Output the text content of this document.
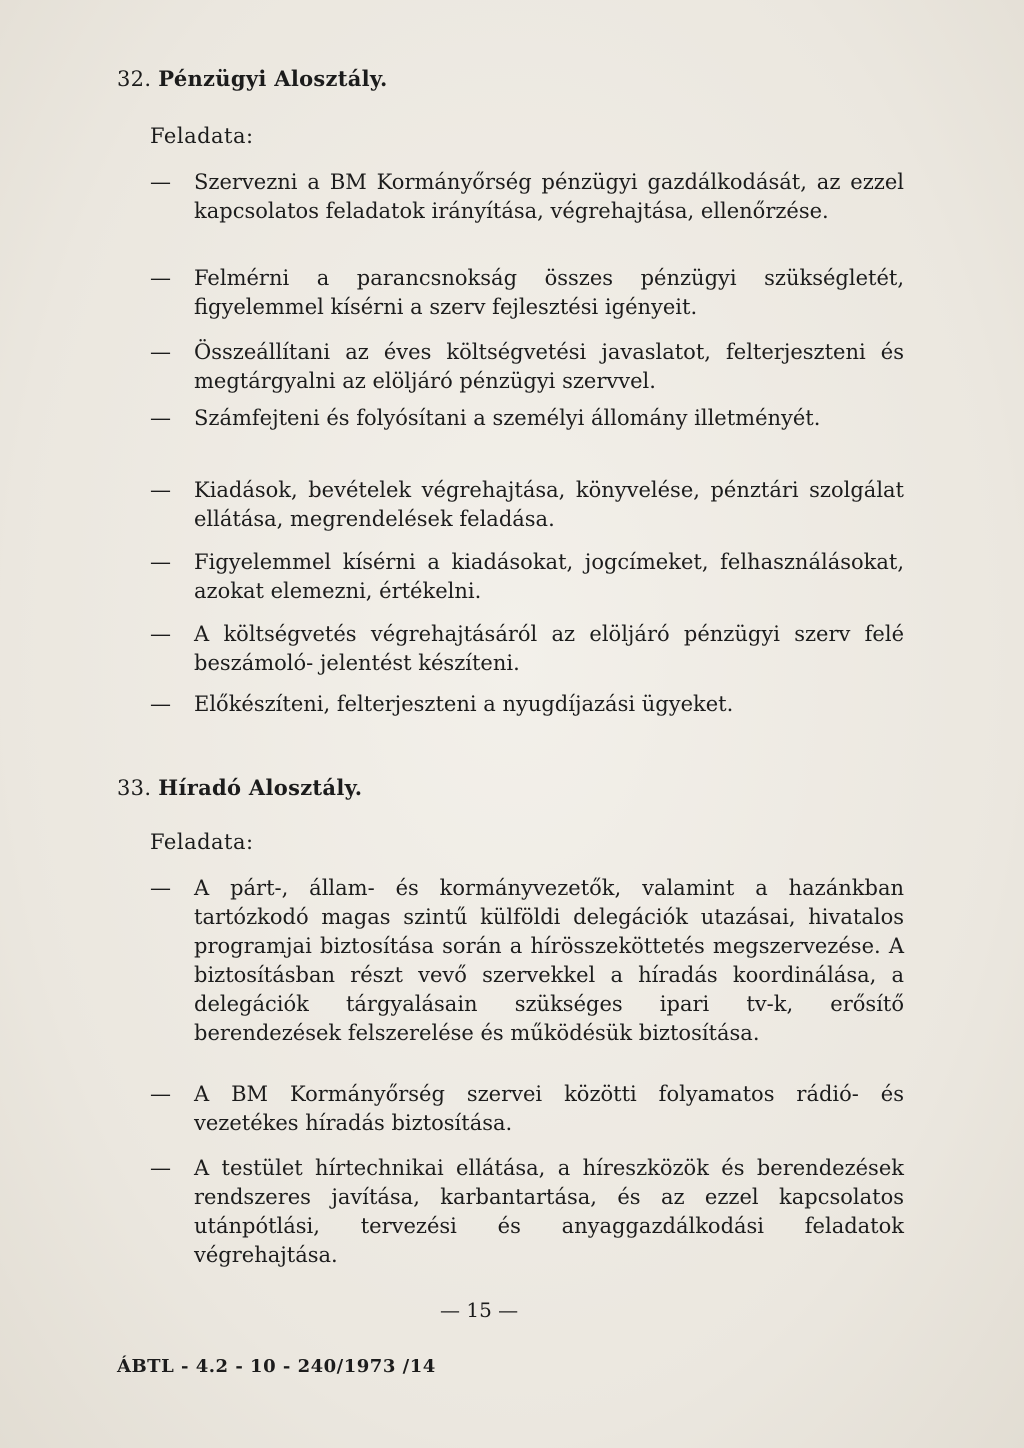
32. Pénzügyi Alosztály.
Feladata:
— Szervezni a BM Kormányőrség pénzügyi gazdálkodását, az ezzel kapcsolatos feladatok irányítása, végrehajtása, ellenőrzése.
— Felmérni a parancsnokság összes pénzügyi szükségletét, figyelemmel kísérni a szerv fejlesztési igényeit.
— Összeállítani az éves költségvetési javaslatot, felterjeszteni és megtárgyalni az elöljáró pénzügyi szervvel.
— Számfejteni és folyósítani a személyi állomány illetményét.
— Kiadások, bevételek végrehajtása, könyvelése, pénztári szolgálat ellátása, megrendelések feladása.
— Figyelemmel kísérni a kiadásokat, jogcímeket, felhasználásokat, azokat elemezni, értékelni.
— A költségvetés végrehajtásáról az elöljáró pénzügyi szerv felé beszámoló- jelentést készíteni.
— Előkészíteni, felterjeszteni a nyugdíjazási ügyeket.
33. Híradó Alosztály.
Feladata:
— A párt-, állam- és kormányvezetők, valamint a hazánkban tartózkodó magas szintű külföldi delegációk utazásai, hivatalos programjai biztosítása során a hírösszeköttetés megszervezése. A biztosításban részt vevő szervekkel a híradás koordinálása, a delegációk tárgyalásain szükséges ipari tv-k, erősítő berendezések felszerelése és működésük biztosítása.
— A BM Kormányőrség szervei közötti folyamatos rádió- és vezetékes híradás biztosítása.
— A testület hírtechnikai ellátása, a híreszközök és berendezések rendszeres javítása, karbantartása, és az ezzel kapcsolatos utánpótlási, tervezési és anyaggazdálkodási feladatok végrehajtása.
— 15 —
ÁBTL - 4.2 - 10 - 240/1973 /14
